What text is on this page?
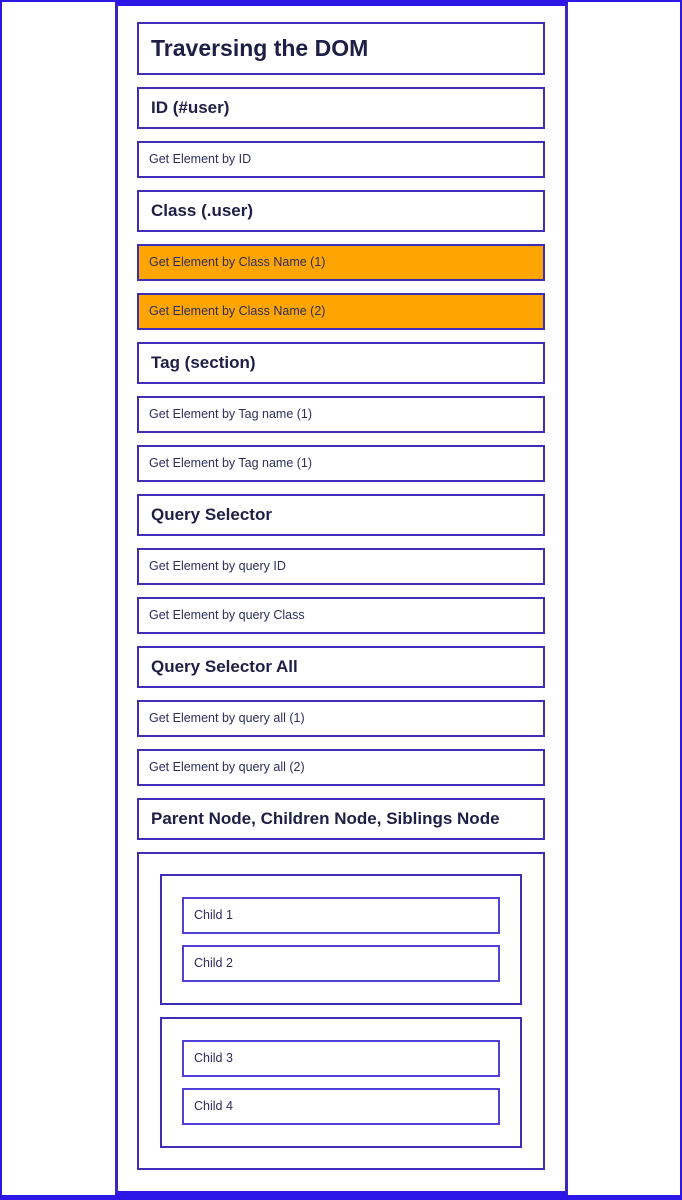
Traversing the DOM
ID (#user)
Get Element by ID
Class (.user)
Get Element by Class Name (1)
Get Element by Class Name (2)
Tag (section)
Get Element by Tag name (1)
Get Element by Tag name (1)
Query Selector
Get Element by query ID
Get Element by query Class
Query Selector All
Get Element by query all (1)
Get Element by query all (2)
Parent Node, Children Node, Siblings Node
Child 1
Child 2
Child 3
Child 4
